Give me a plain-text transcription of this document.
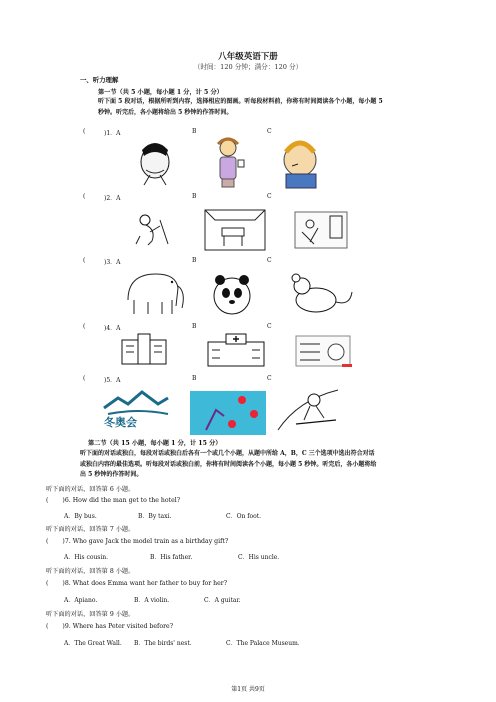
八年级英语下册
（时间：120 分钟；满分：120 分）
一、听力理解
第一节（共 5 小题，每小题 1 分，计 5 分）
听下面 5 段对话，根据所听到内容，选择相应的图画。听每段材料前，你将有时间阅读各个小题，每小题 5
秒钟。听完后，各小题将给出 5 秒钟的作答时间。
(	)1．A	B	C
(	)2．A	B	C
(	)3．A	B	C
(	)4．A	B	C
(	)5．A	B	C
冬奥会
第二节（共 15 小题，每小题 1 分，计 15 分）
听下面的对话或独白，每段对话或独白后各有一个或几个小题，从题中所给 A，B，C 三个选项中选出符合对话
或独白内容的最佳选项。听每段对话或独白前，你将有时间阅读各个小题，每小题 5 秒钟。听完后，各小题将给
出 5 秒钟的作答时间。
听下面的对话，回答第 6 小题。
( )6. How did the man get to the hotel?
A．By bus.	B．By taxi.	C．On foot.
听下面的对话，回答第 7 小题。
( )7. Who gave Jack the model train as a birthday gift?
A．His cousin.	B．His father.	C．His uncle.
听下面的对话，回答第 8 小题。
( )8. What does Emma want her father to buy for her?
A．Apiano.	B．A violin.	C．A guitar.
听下面的对话，回答第 9 小题。
( )9. Where has Peter visited before?
A．The Great Wall. B．The birds' nest.	C．The Palace Museum．
第1页 共9页
